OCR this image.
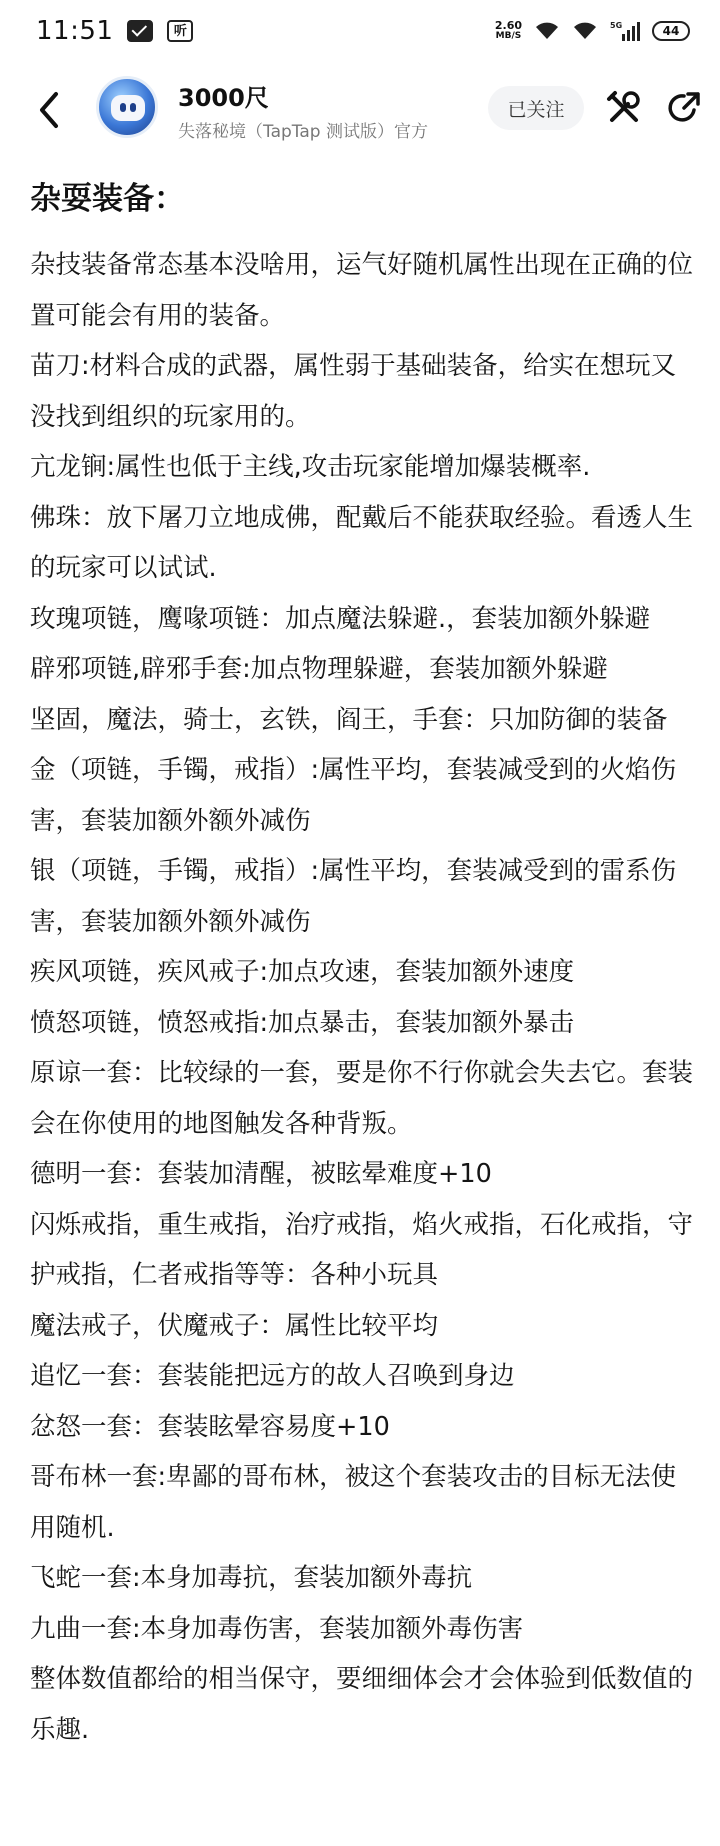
11:51	听	2.60
MB/S
5G	44
3000尺
失落秘境（TapTap 测试版）官方
已关注
杂耍装备：

杂技装备常态基本没啥用，运气好随机属性出现在正确的位置可能会有用的装备。

苗刀:材料合成的武器，属性弱于基础装备，给实在想玩又没找到组织的玩家用的。

亢龙锏:属性也低于主线,攻击玩家能增加爆装概率.

佛珠：放下屠刀立地成佛，配戴后不能获取经验。看透人生的玩家可以试试.

玫瑰项链，鹰喙项链：加点魔法躲避.，套装加额外躲避

辟邪项链,辟邪手套:加点物理躲避，套装加额外躲避

坚固，魔法，骑士，玄铁，阎王，手套：只加防御的装备

金（项链，手镯，戒指）:属性平均，套装减受到的火焰伤害，套装加额外额外减伤

银（项链，手镯，戒指）:属性平均，套装减受到的雷系伤害，套装加额外额外减伤

疾风项链，疾风戒子:加点攻速，套装加额外速度

愤怒项链，愤怒戒指:加点暴击，套装加额外暴击

原谅一套：比较绿的一套，要是你不行你就会失去它。套装会在你使用的地图触发各种背叛。

德明一套：套装加清醒，被眩晕难度+10

闪烁戒指，重生戒指，治疗戒指，焰火戒指，石化戒指，守护戒指，仁者戒指等等：各种小玩具

魔法戒子，伏魔戒子：属性比较平均

追忆一套：套装能把远方的故人召唤到身边

忿怒一套：套装眩晕容易度+10

哥布林一套:卑鄙的哥布林，被这个套装攻击的目标无法使用随机.

飞蛇一套:本身加毒抗，套装加额外毒抗

九曲一套:本身加毒伤害，套装加额外毒伤害

整体数值都给的相当保守，要细细体会才会体验到低数值的乐趣.
